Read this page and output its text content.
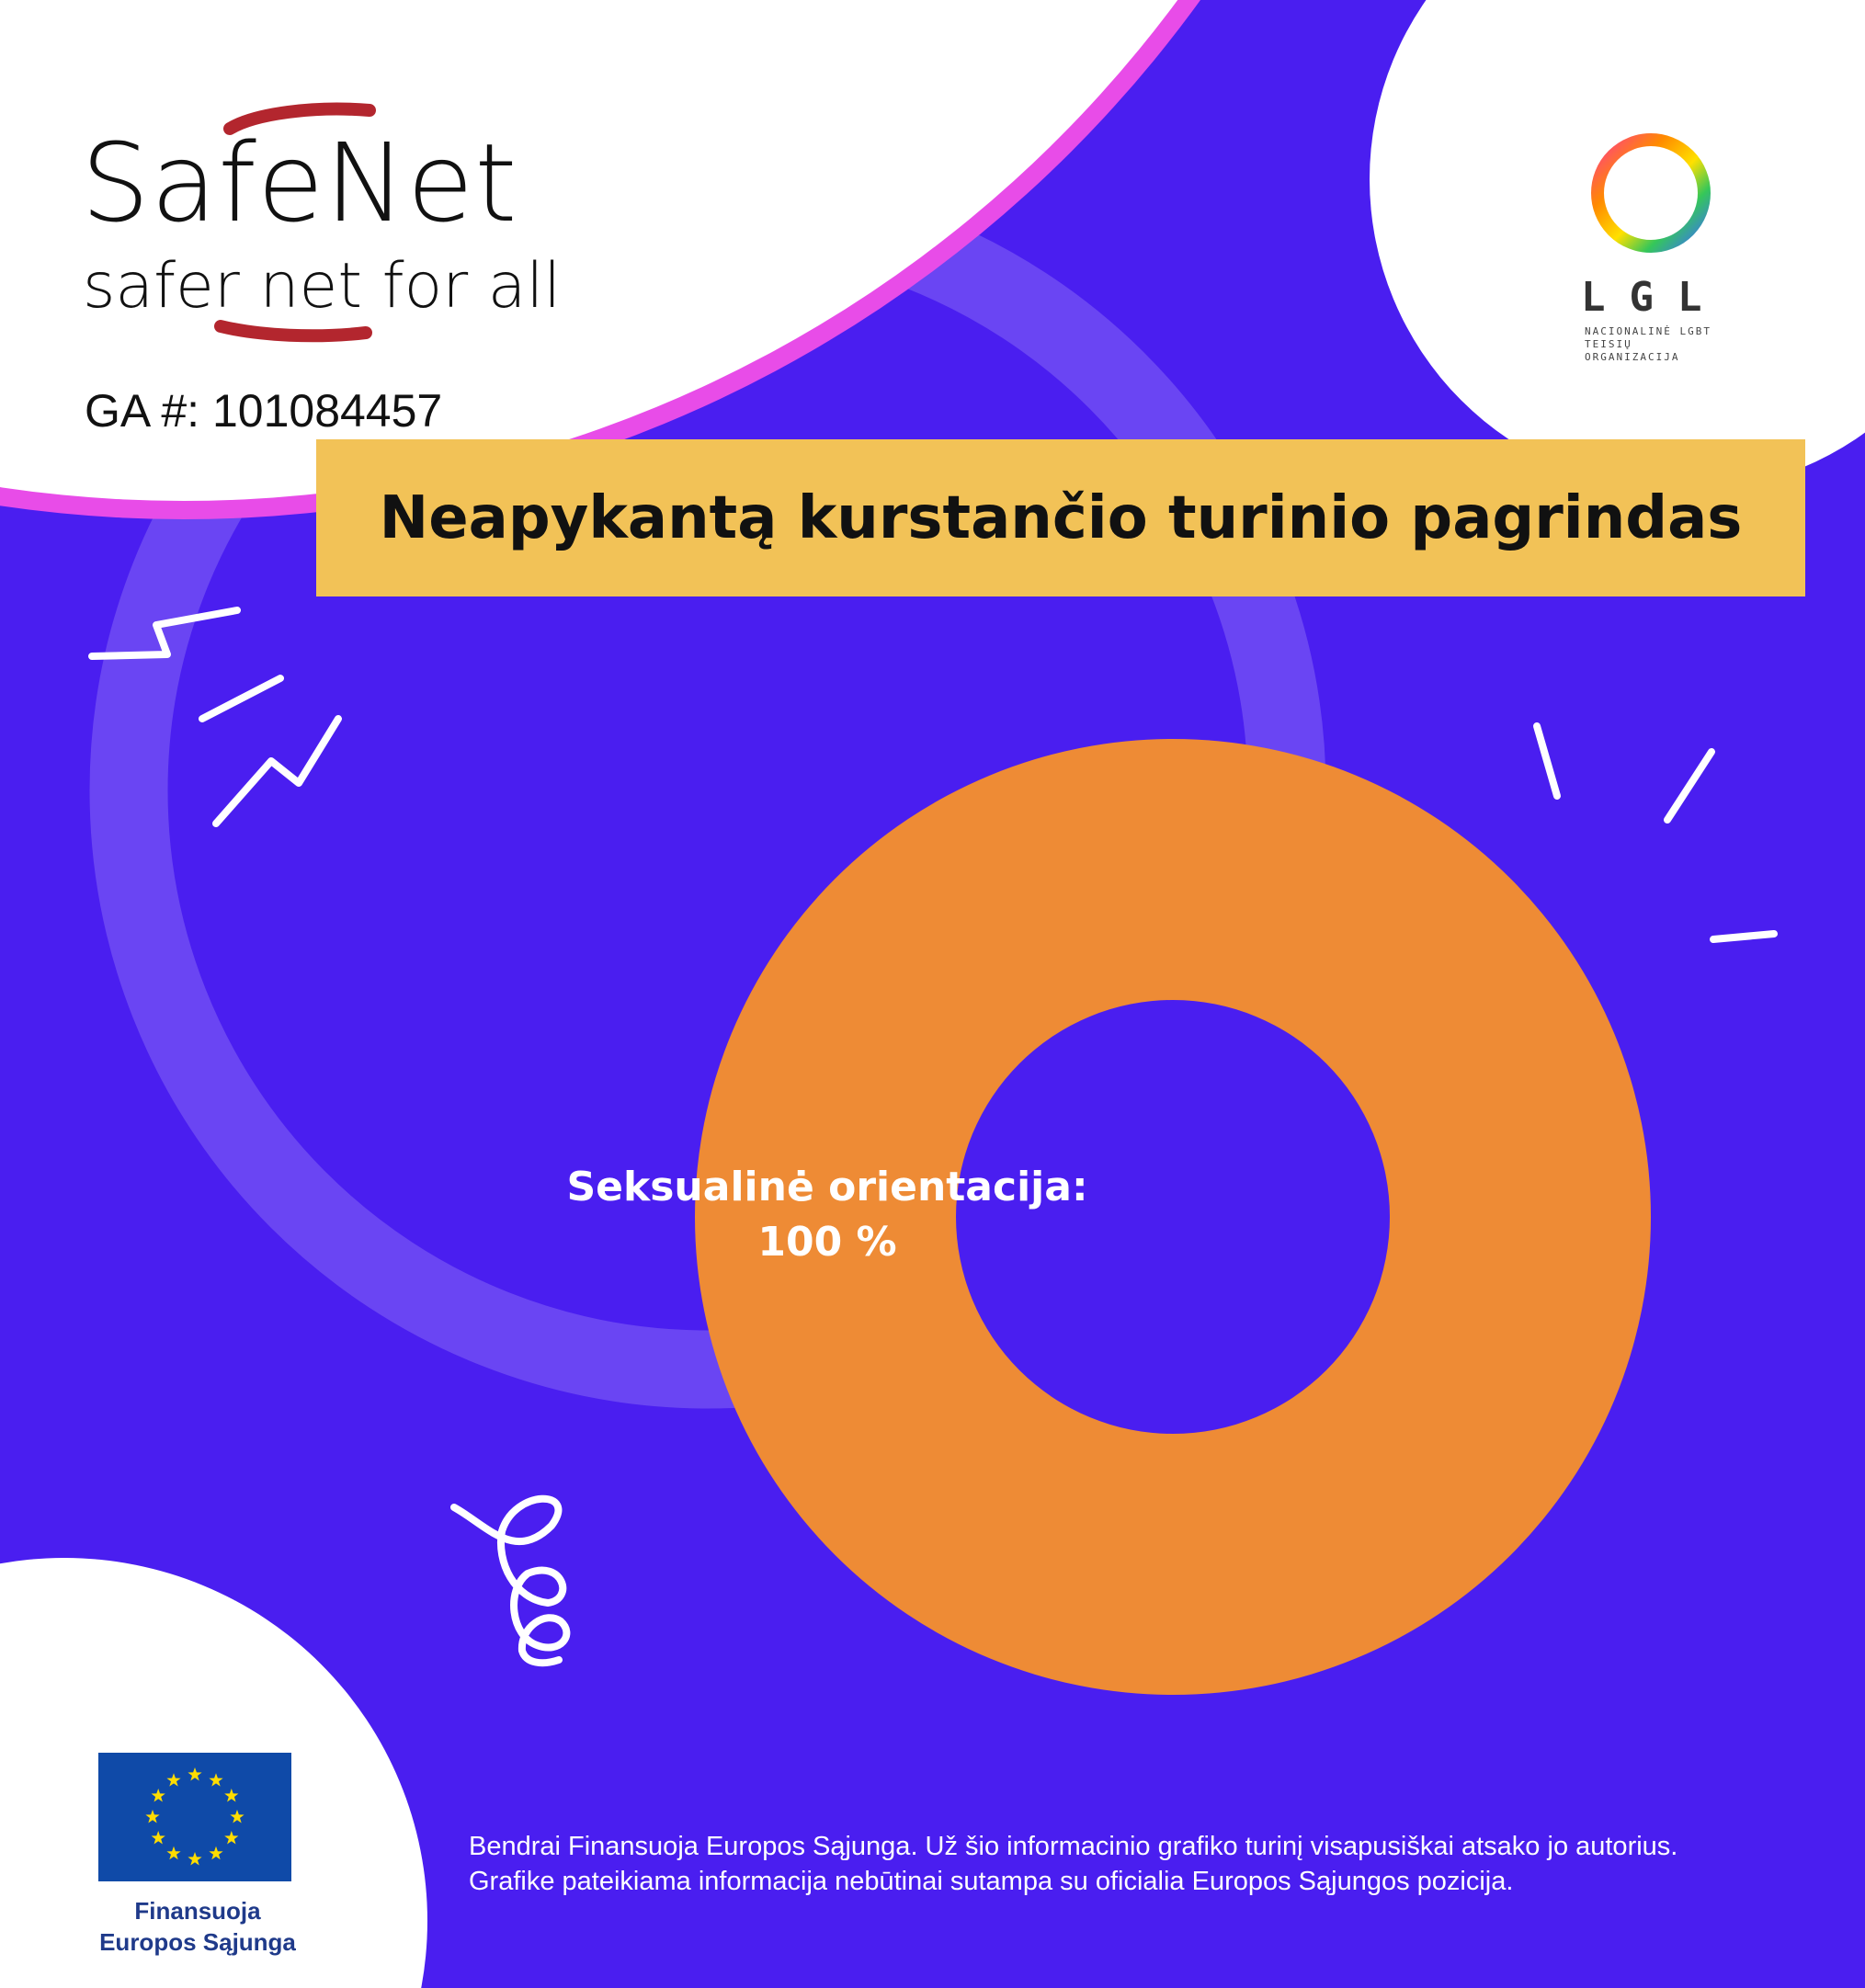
SafeNet
safer net for all
GA #: 101084457
LGL
NACIONALINĖ LGBT TEISIŲ ORGANIZACIJA
Neapykantą kurstančio turinio pagrindas
Seksualinė orientacija:
100 %
Finansuoja
Europos Sąjunga

Bendrai Finansuoja Europos Sąjunga. Už šio informacinio grafiko turinį visapusiškai atsako jo autorius. Grafike pateikiama informacija nebūtinai sutampa su oficialia Europos Sąjungos pozicija.
